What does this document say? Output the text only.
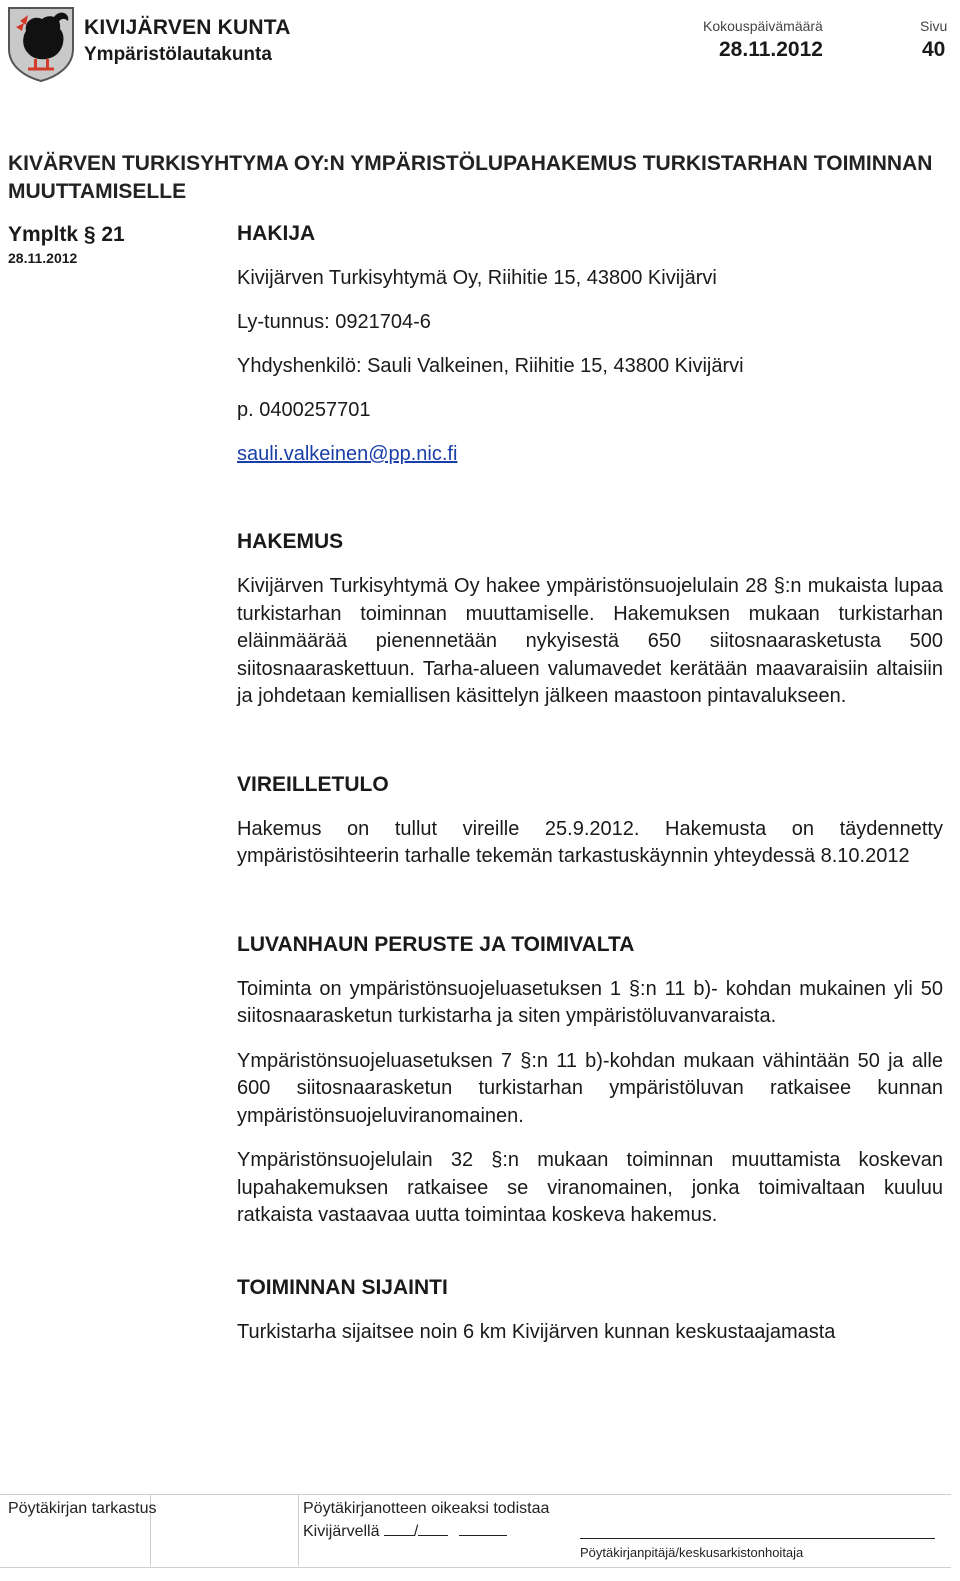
KIVIJÄRVEN KUNTA
Ympäristölautakunta
Kokouspäivämäärä
28.11.2012
Sivu
40
KIVÄRVEN TURKISYHTYMA OY:N YMPÄRISTÖLUPAHAKEMUS TURKISTARHAN TOIMINNAN MUUTTAMISELLE
Ympltk § 21
28.11.2012
HAKIJA
Kivijärven Turkisyhtymä Oy, Riihitie 15, 43800 Kivijärvi
Ly-tunnus: 0921704-6
Yhdyshenkilö: Sauli Valkeinen, Riihitie 15, 43800 Kivijärvi
p. 0400257701
sauli.valkeinen@pp.nic.fi
HAKEMUS

Kivijärven Turkisyhtymä Oy hakee ympäristönsuojelulain 28 §:n mukaista lupaa turkistarhan toiminnan muuttamiselle. Hakemuksen mukaan turkistarhan eläinmäärää pienennetään nykyisestä 650 siitosnaarasketusta 500 siitosnaaraskettuun. Tarha-alueen valumavedet kerätään maavaraisiin altaisiin ja johdetaan kemiallisen käsittelyn jälkeen maastoon pintavalukseen.

VIREILLETULO

Hakemus on tullut vireille 25.9.2012. Hakemusta on täydennetty ympäristösihteerin tarhalle tekemän tarkastuskäynnin yhteydessä 8.10.2012

LUVANHAUN PERUSTE JA TOIMIVALTA

Toiminta on ympäristönsuojeluasetuksen 1 §:n 11 b)- kohdan mukainen yli 50 siitosnaarasketun turkistarha ja siten ympäristöluvanvaraista.

Ympäristönsuojeluasetuksen 7 §:n 11 b)-kohdan mukaan vähintään 50 ja alle 600 siitosnaarasketun turkistarhan ympäristöluvan ratkaisee kunnan ympäristönsuojeluviranomainen.

Ympäristönsuojelulain 32 §:n mukaan toiminnan muuttamista koskevan lupahakemuksen ratkaisee se viranomainen, jonka toimivaltaan kuuluu ratkaista vastaavaa uutta toimintaa koskeva hakemus.

TOIMINNAN SIJAINTI

Turkistarha sijaitsee noin 6 km Kivijärven kunnan keskustaajamasta

Pöytäkirjan tarkastus	Pöytäkirjanotteen oikeaksi todistaa
Kivijärvellä /
Pöytäkirjanpitäjä/keskusarkistonhoitaja
